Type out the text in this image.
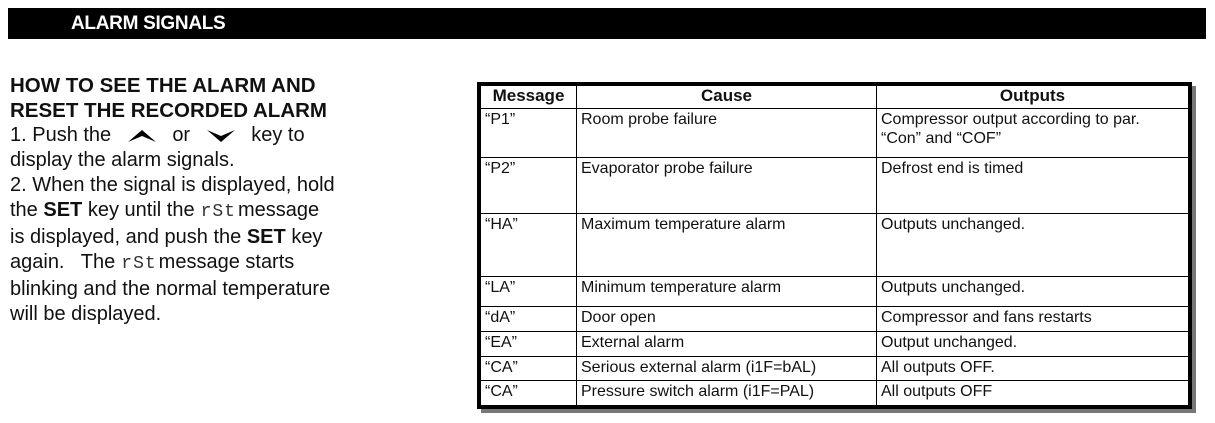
ALARM SIGNALS
HOW TO SEE THE ALARM AND
RESET THE RECORDED ALARM

1. Push the	or	key to

display the alarm signals.

2. When the signal is displayed, hold

the SET key until the rSt message

is displayed, and push the SET key

again.   The rSt message starts

blinking and the normal temperature

will be displayed.

Message	Cause	Outputs
“P1”	Room probe failure	Compressor output according to par. “Con” and “COF”
“P2”	Evaporator probe failure	Defrost end is timed
“HA”	Maximum temperature alarm	Outputs unchanged.
“LA”	Minimum temperature alarm	Outputs unchanged.
“dA”	Door open	Compressor and fans restarts
“EA”	External alarm	Output unchanged.
“CA”	Serious external alarm (i1F=bAL)	All outputs OFF.
“CA”	Pressure switch alarm (i1F=PAL)	All outputs OFF
